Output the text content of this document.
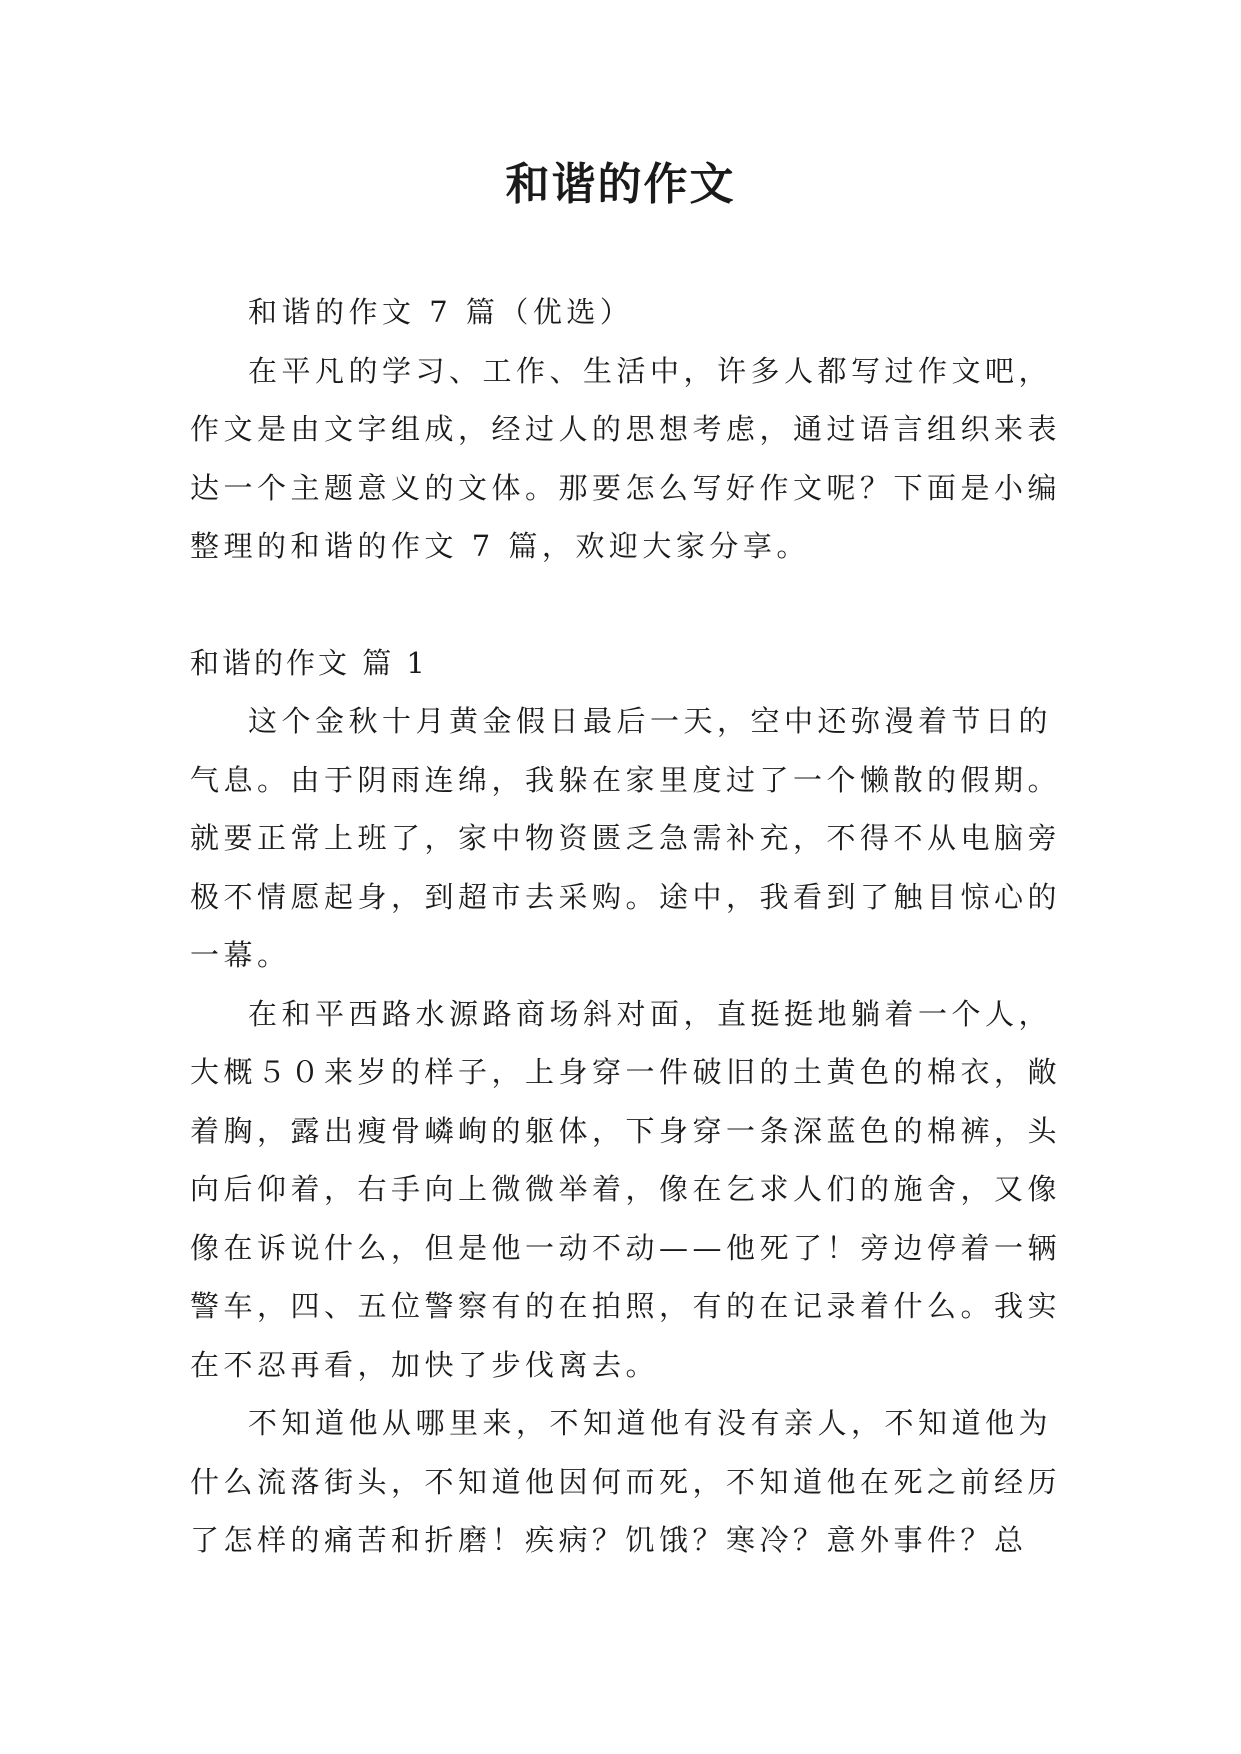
和谐的作文

和谐的作文 7 篇（优选）

在平凡的学习、工作、生活中，许多人都写过作文吧，
作文是由文字组成，经过人的思想考虑，通过语言组织来表
达一个主题意义的文体。那要怎么写好作文呢？下面是小编
整理的和谐的作文 7 篇，欢迎大家分享。

和谐的作文 篇 1

这个金秋十月黄金假日最后一天，空中还弥漫着节日的
气息。由于阴雨连绵，我躲在家里度过了一个懒散的假期。
就要正常上班了，家中物资匮乏急需补充，不得不从电脑旁
极不情愿起身，到超市去采购。途中，我看到了触目惊心的
一幕。

在和平西路水源路商场斜对面，直挺挺地躺着一个人，
大概５０来岁的样子，上身穿一件破旧的土黄色的棉衣，敞
着胸，露出瘦骨嶙峋的躯体，下身穿一条深蓝色的棉裤，头
向后仰着，右手向上微微举着，像在乞求人们的施舍，又像
像在诉说什么，但是他一动不动——他死了！旁边停着一辆
警车，四、五位警察有的在拍照，有的在记录着什么。我实
在不忍再看，加快了步伐离去。

不知道他从哪里来，不知道他有没有亲人，不知道他为
什么流落街头，不知道他因何而死，不知道他在死之前经历
了怎样的痛苦和折磨！疾病？饥饿？寒冷？意外事件？总
